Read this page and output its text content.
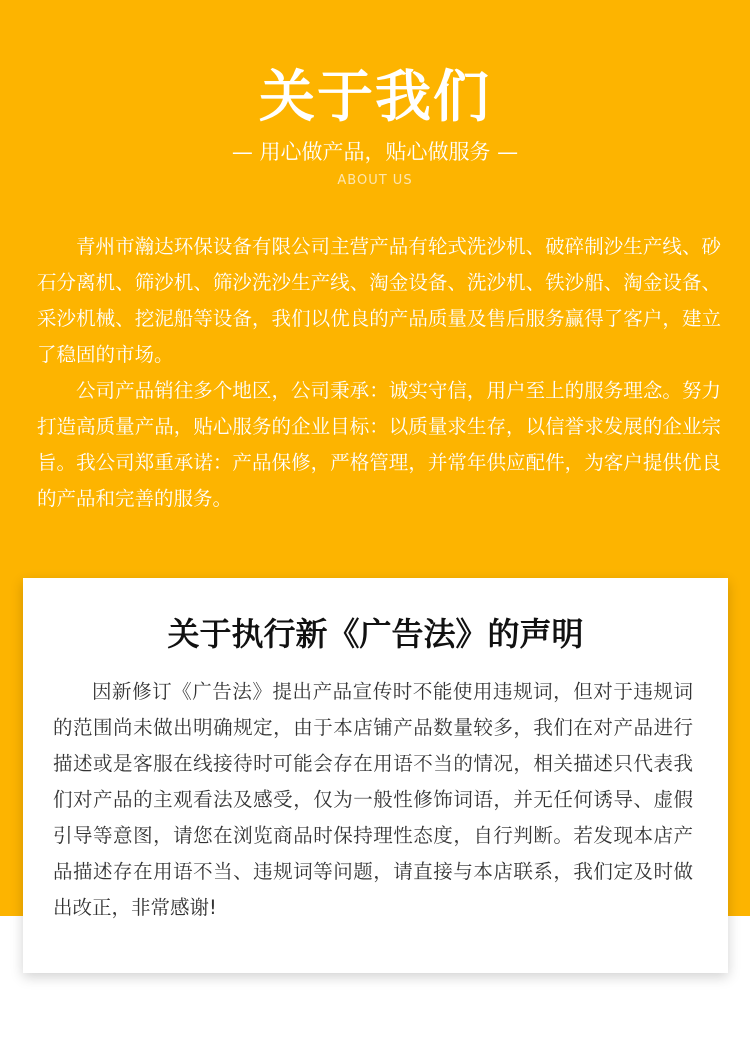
关于我们
— 用心做产品，贴心做服务 —
ABOUT US

青州市瀚达环保设备有限公司主营产品有轮式洗沙机、破碎制沙生产线、砂石分离机、筛沙机、筛沙洗沙生产线、淘金设备、洗沙机、铁沙船、淘金设备、采沙机械、挖泥船等设备，我们以优良的产品质量及售后服务赢得了客户，建立了稳固的市场。

公司产品销往多个地区，公司秉承：诚实守信，用户至上的服务理念。努力打造高质量产品，贴心服务的企业目标：以质量求生存，以信誉求发展的企业宗旨。我公司郑重承诺：产品保修，严格管理，并常年供应配件，为客户提供优良的产品和完善的服务。

关于执行新《广告法》的声明

因新修订《广告法》提出产品宣传时不能使用违规词，但对于违规词的范围尚未做出明确规定，由于本店铺产品数量较多，我们在对产品进行描述或是客服在线接待时可能会存在用语不当的情况，相关描述只代表我们对产品的主观看法及感受，仅为一般性修饰词语，并无任何诱导、虚假引导等意图，请您在浏览商品时保持理性态度，自行判断。若发现本店产品描述存在用语不当、违规词等问题，请直接与本店联系，我们定及时做出改正，非常感谢!
